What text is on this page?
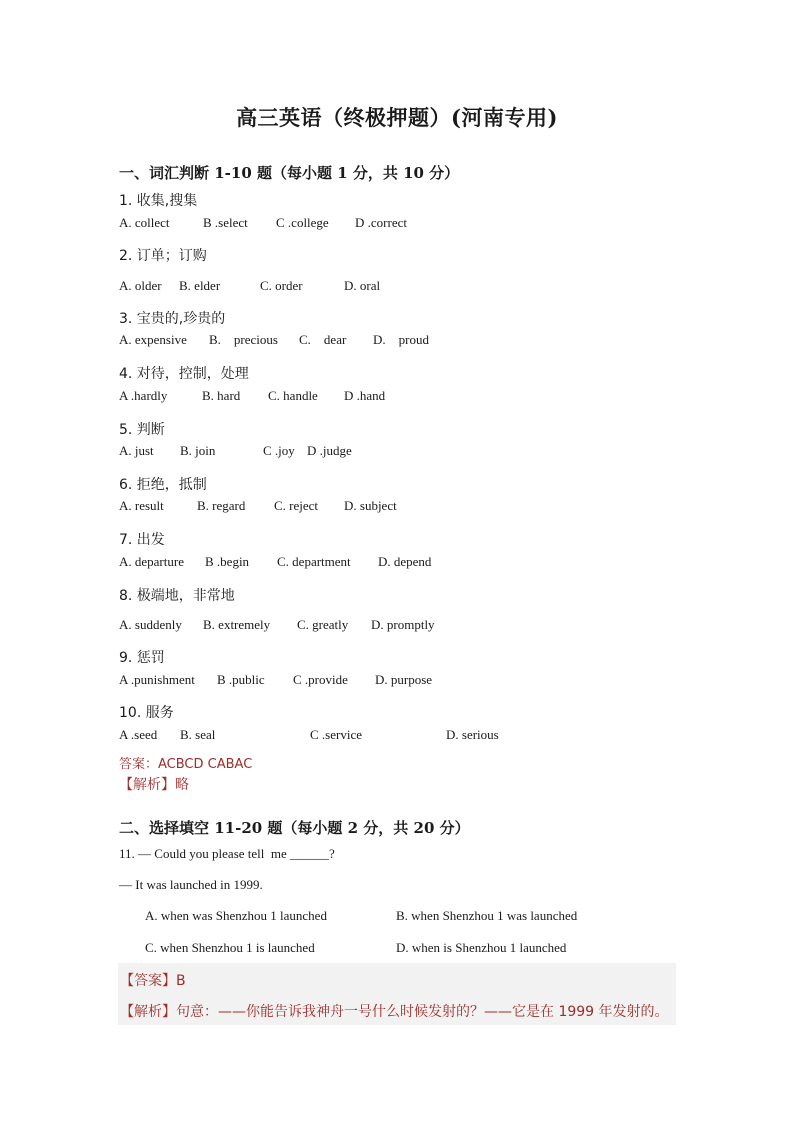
高三英语（终极押题）(河南专用)
一、词汇判断 1-10 题（每小题 1 分，共 10 分）
1. 收集,搜集
A. collect	B .select C .college D .correct
2. 订单；订购
A. older B. elder	C. order	D. oral
3. 宝贵的,珍贵的
A. expensive B.    precious C.    dear D.    proud
4. 对待，控制，处理
A .hardly	B. hard C. handle D .hand
5. 判断
A. just B. join	C .joy D .judge
6. 拒绝，抵制
A. result	B. regard C. reject D. subject
7. 出发
A. departure B .begin C. department D. depend
8. 极端地，非常地
A. suddenly B. extremely C. greatly D. promptly
9. 惩罚
A .punishment B .public C .provide D. purpose
10. 服务
A .seed B. seal	C .service	D. serious
答案：ACBCD CABAC
【解析】略
二、选择填空 11-20 题（每小题 2 分，共 20 分）
11. — Could you please tell  me ______?
— It was launched in 1999.
A. when was Shenzhou 1 launched	B. when Shenzhou 1 was launched
C. when Shenzhou 1 is launched	D. when is Shenzhou 1 launched
【答案】B
【解析】句意：——你能告诉我神舟一号什么时候发射的？——它是在 1999 年发射的。
